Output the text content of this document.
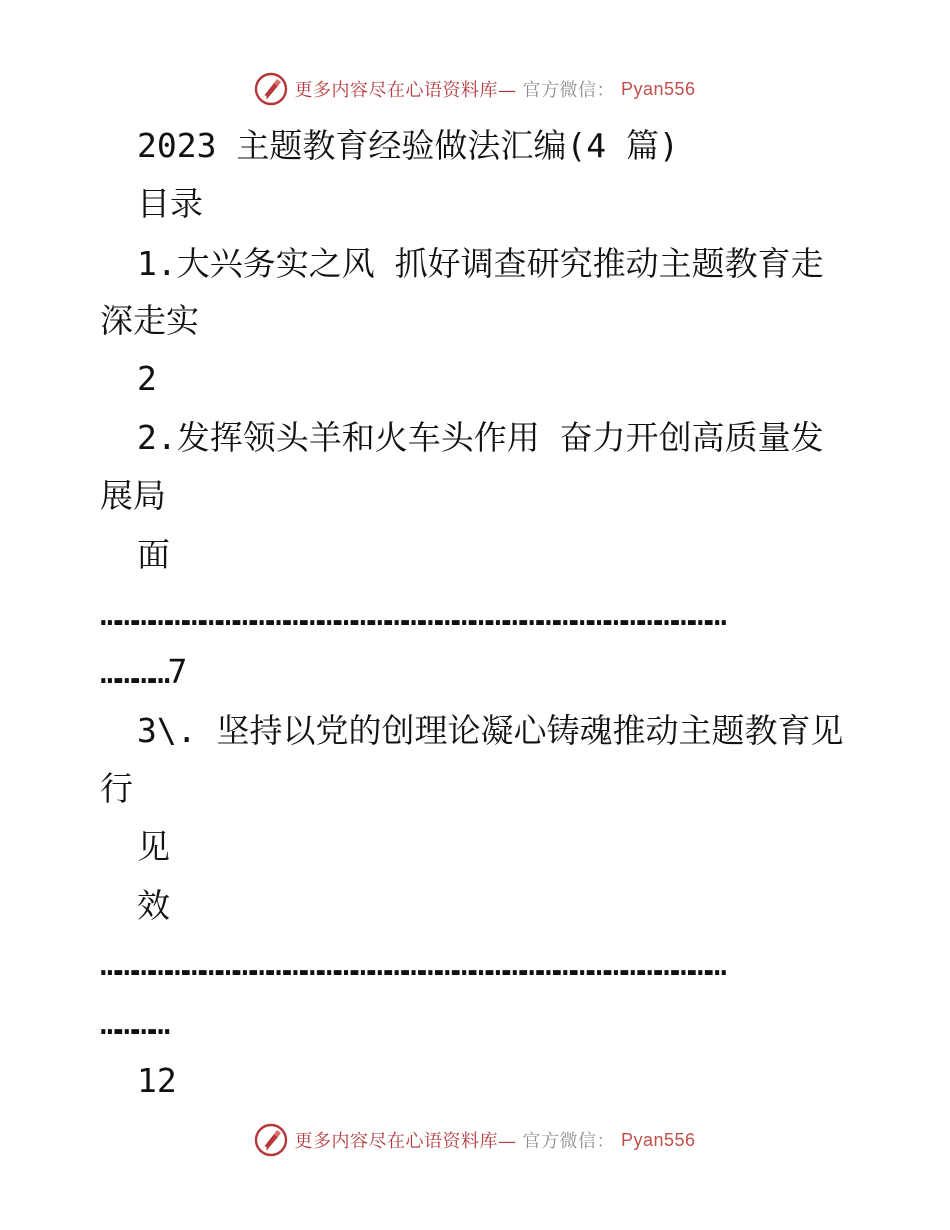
更多内容尽在心语资料库— 官方微信： Pyan556
2023 主题教育经验做法汇编(4 篇)
目录
1.大兴务实之风 抓好调查研究推动主题教育走
深走实
2
2.发挥领头羊和火车头作用 奋力开创高质量发
展局
面
…………………………………………………………………………………………………
…………7
3\. 坚持以党的创理论凝心铸魂推动主题教育见
行
见
效
…………………………………………………………………………………………………
…………
12
更多内容尽在心语资料库— 官方微信： Pyan556
